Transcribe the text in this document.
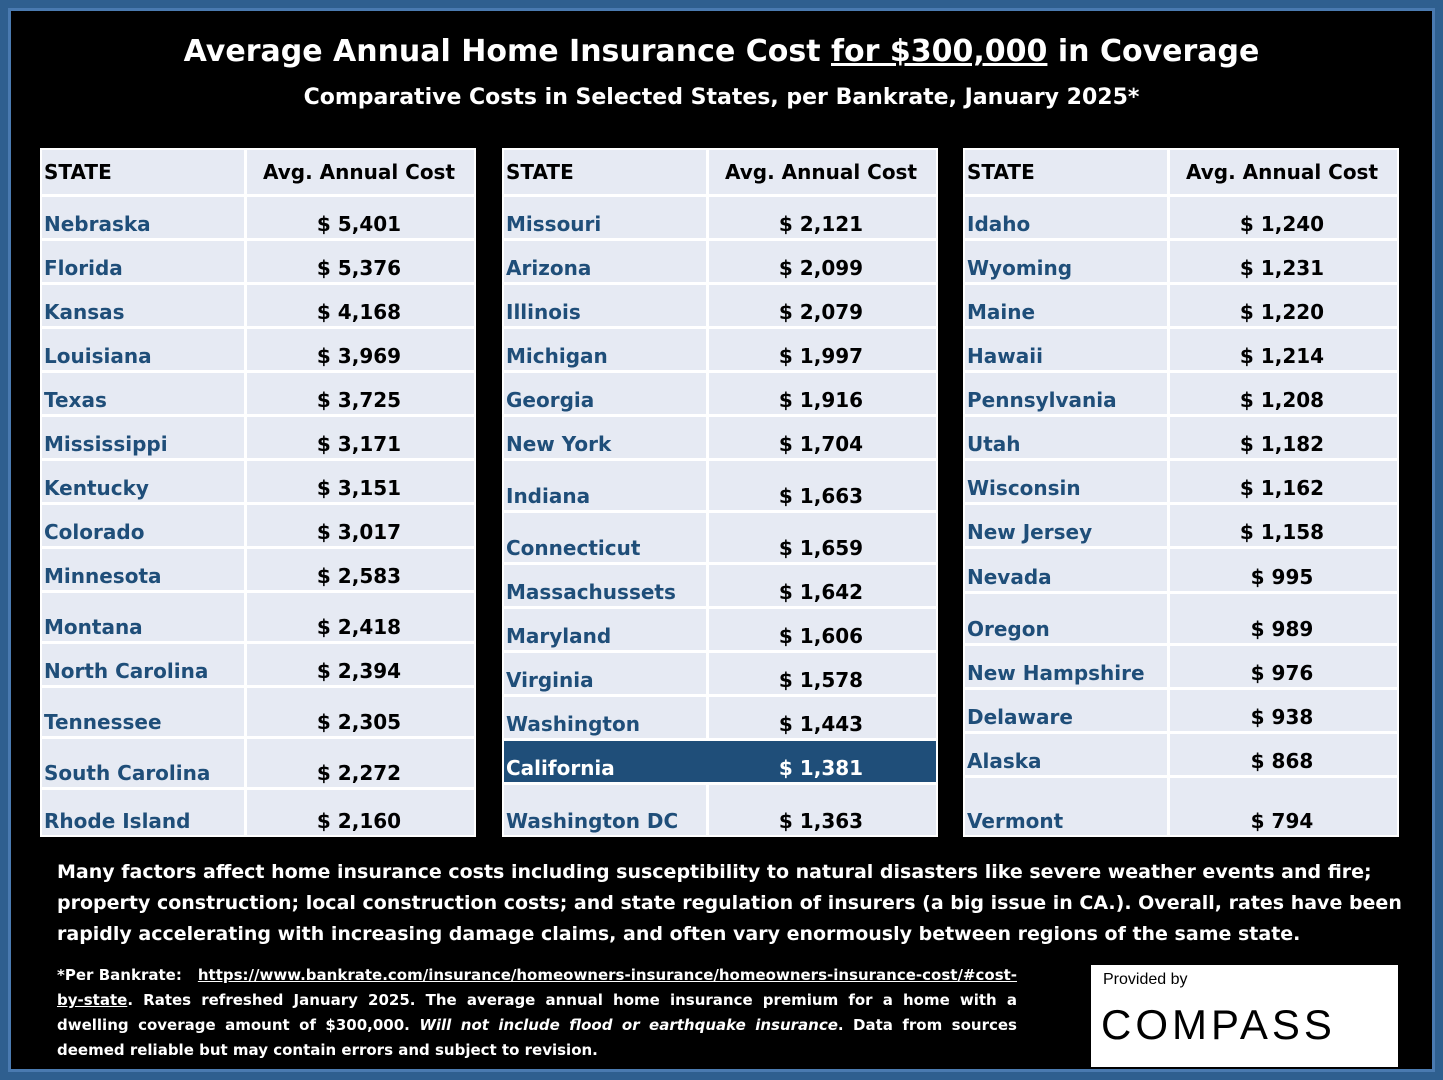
Average Annual Home Insurance Cost for $300,000 in Coverage
Comparative Costs in Selected States, per Bankrate, January 2025*
STATE	Avg. Annual Cost
Nebraska	$ 5,401
Florida	$ 5,376
Kansas	$ 4,168
Louisiana	$ 3,969
Texas	$ 3,725
Mississippi	$ 3,171
Kentucky	$ 3,151
Colorado	$ 3,017
Minnesota	$ 2,583
Montana	$ 2,418
North Carolina	$ 2,394
Tennessee	$ 2,305
South Carolina	$ 2,272
Rhode Island	$ 2,160
STATE	Avg. Annual Cost
Missouri	$ 2,121
Arizona	$ 2,099
Illinois	$ 2,079
Michigan	$ 1,997
Georgia	$ 1,916
New York	$ 1,704
Indiana	$ 1,663
Connecticut	$ 1,659
Massachussets	$ 1,642
Maryland	$ 1,606
Virginia	$ 1,578
Washington	$ 1,443
California	$ 1,381
Washington DC	$ 1,363
STATE	Avg. Annual Cost
Idaho	$ 1,240
Wyoming	$ 1,231
Maine	$ 1,220
Hawaii	$ 1,214
Pennsylvania	$ 1,208
Utah	$ 1,182
Wisconsin	$ 1,162
New Jersey	$ 1,158
Nevada	$ 995
Oregon	$ 989
New Hampshire	$ 976
Delaware	$ 938
Alaska	$ 868
Vermont	$ 794
Many factors affect home insurance costs including susceptibility to natural disasters like severe weather events and fire; property construction; local construction costs; and state regulation of insurers (a big issue in CA.). Overall, rates have been rapidly accelerating with increasing damage claims, and often vary enormously between regions of the same state.
*Per Bankrate: https://www.bankrate.com/insurance/homeowners-insurance/homeowners-insurance-cost/#cost-by-state. Rates refreshed January 2025. The average annual home insurance premium for a home with a dwelling coverage amount of $300,000. Will not include flood or earthquake insurance. Data from sources deemed reliable but may contain errors and subject to revision.
Provided by
COMPASS
